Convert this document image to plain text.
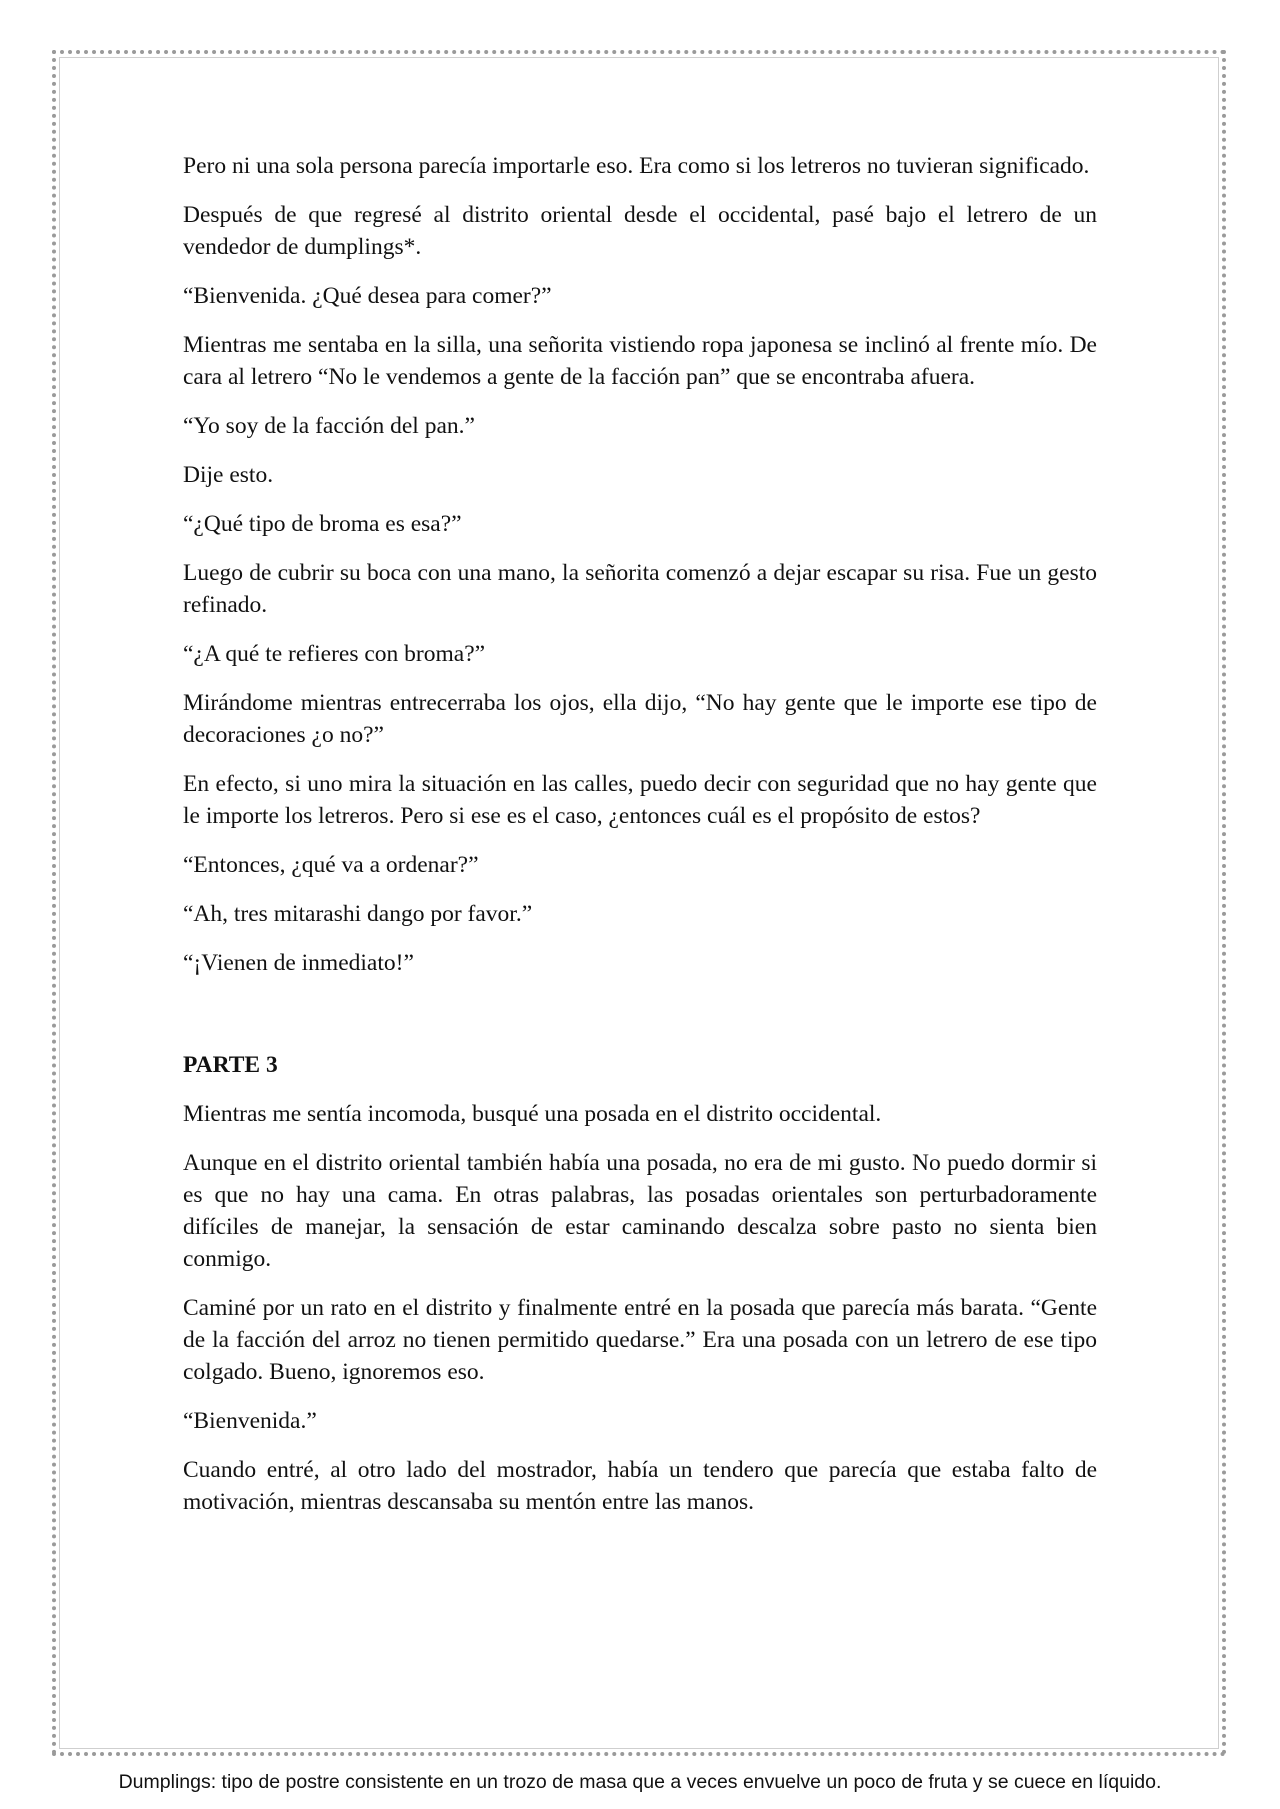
Pero ni una sola persona parecía importarle eso. Era como si los letreros no tuvieran significado.

Después de que regresé al distrito oriental desde el occidental, pasé bajo el letrero de un vendedor de dumplings*.

“Bienvenida. ¿Qué desea para comer?”

Mientras me sentaba en la silla, una señorita vistiendo ropa japonesa se inclinó al frente mío. De cara al letrero “No le vendemos a gente de la facción pan” que se encontraba afuera.

“Yo soy de la facción del pan.”

Dije esto.

“¿Qué tipo de broma es esa?”

Luego de cubrir su boca con una mano, la señorita comenzó a dejar escapar su risa. Fue un gesto refinado.

“¿A qué te refieres con broma?”

Mirándome mientras entrecerraba los ojos, ella dijo, “No hay gente que le importe ese tipo de decoraciones ¿o no?”

En efecto, si uno mira la situación en las calles, puedo decir con seguridad que no hay gente que le importe los letreros. Pero si ese es el caso, ¿entonces cuál es el propósito de estos?

“Entonces, ¿qué va a ordenar?”

“Ah, tres mitarashi dango por favor.”

“¡Vienen de inmediato!”

PARTE 3

Mientras me sentía incomoda, busqué una posada en el distrito occidental.

Aunque en el distrito oriental también había una posada, no era de mi gusto. No puedo dormir si es que no hay una cama. En otras palabras, las posadas orientales son perturbadoramente difíciles de manejar, la sensación de estar caminando descalza sobre pasto no sienta bien conmigo.

Caminé por un rato en el distrito y finalmente entré en la posada que parecía más barata. “Gente de la facción del arroz no tienen permitido quedarse.” Era una posada con un letrero de ese tipo colgado. Bueno, ignoremos eso.

“Bienvenida.”

Cuando entré, al otro lado del mostrador, había un tendero que parecía que estaba falto de motivación, mientras descansaba su mentón entre las manos.

Dumplings: tipo de postre consistente en un trozo de masa que a veces envuelve un poco de fruta y se cuece en líquido.
